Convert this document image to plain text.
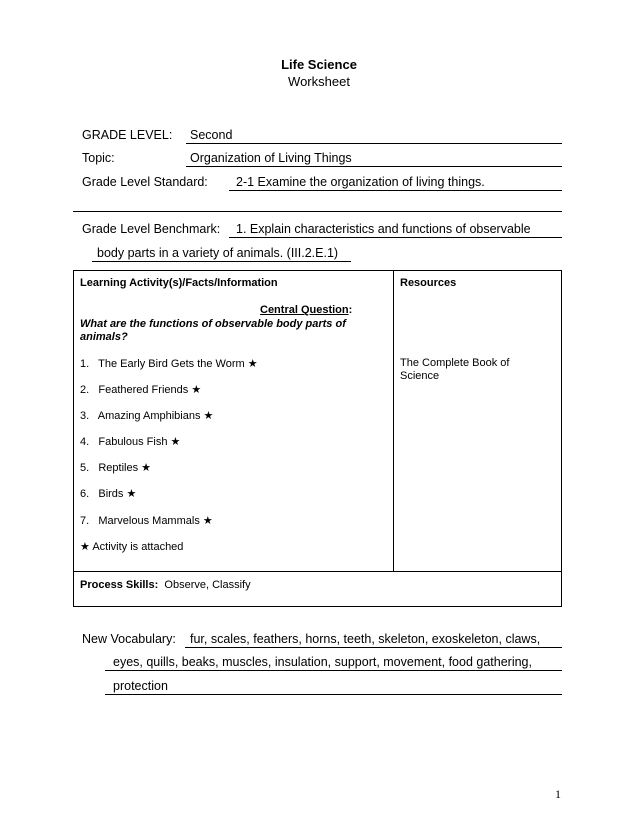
Life Science
Worksheet
GRADE LEVEL: Second
Topic:	Organization of Living Things
Grade Level Standard: 2-1 Examine the organization of living things.
Grade Level Benchmark: 1. Explain characteristics and functions of observable
body parts in a variety of animals. (III.2.E.1)
Learning Activity(s)/Facts/Information
Central Question:
What are the functions of observable body parts of
animals?
1. The Early Bird Gets the Worm ★
2. Feathered Friends ★
3. Amazing Amphibians ★
4. Fabulous Fish ★
5. Reptiles ★
6. Birds ★
7. Marvelous Mammals ★
★ Activity is attached
Resources
The Complete Book of
Science
Process Skills: Observe, Classify
New Vocabulary: fur, scales, feathers, horns, teeth, skeleton, exoskeleton, claws,
eyes, quills, beaks, muscles, insulation, support, movement, food gathering,
protection
1
